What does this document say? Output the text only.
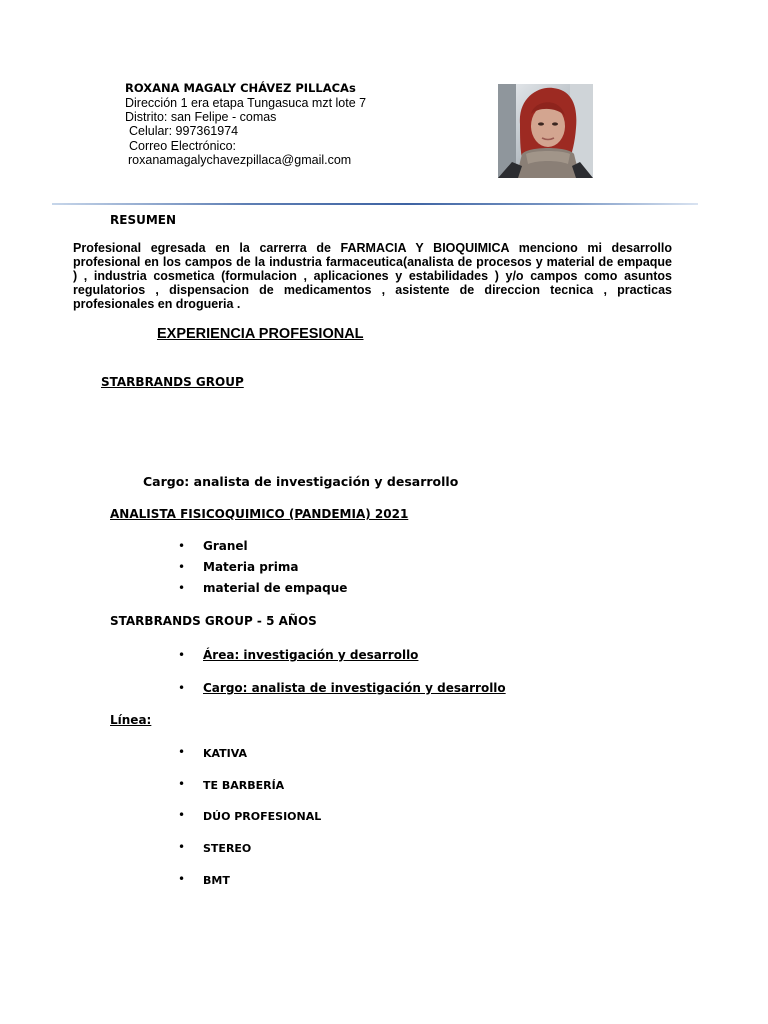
ROXANA MAGALY CHÁVEZ PILLACAs
Dirección 1 era etapa Tungasuca mzt lote 7
Distrito: san Felipe - comas
Celular: 997361974
Correo Electrónico:
roxanamagalychavezpillaca@gmail.com
RESUMEN
Profesional egresada en la carrerra de FARMACIA Y BIOQUIMICA menciono mi desarrollo profesional en los campos de la industria farmaceutica(analista de procesos y material de empaque ) , industria cosmetica (formulacion , aplicaciones y estabilidades ) y/o campos como asuntos regulatorios , dispensacion de medicamentos , asistente de direccion tecnica , practicas profesionales en drogueria .
EXPERIENCIA PROFESIONAL
STARBRANDS GROUP
Cargo: analista de investigación y desarrollo
ANALISTA FISICOQUIMICO (PANDEMIA) 2021
• Granel
• Materia prima
• material de empaque
STARBRANDS GROUP - 5 AÑOS
• Área: investigación y desarrollo
• Cargo: analista de investigación y desarrollo
Línea:
• KATIVA
• TE BARBERÍA
• DÚO PROFESIONAL
• STEREO
• BMT
